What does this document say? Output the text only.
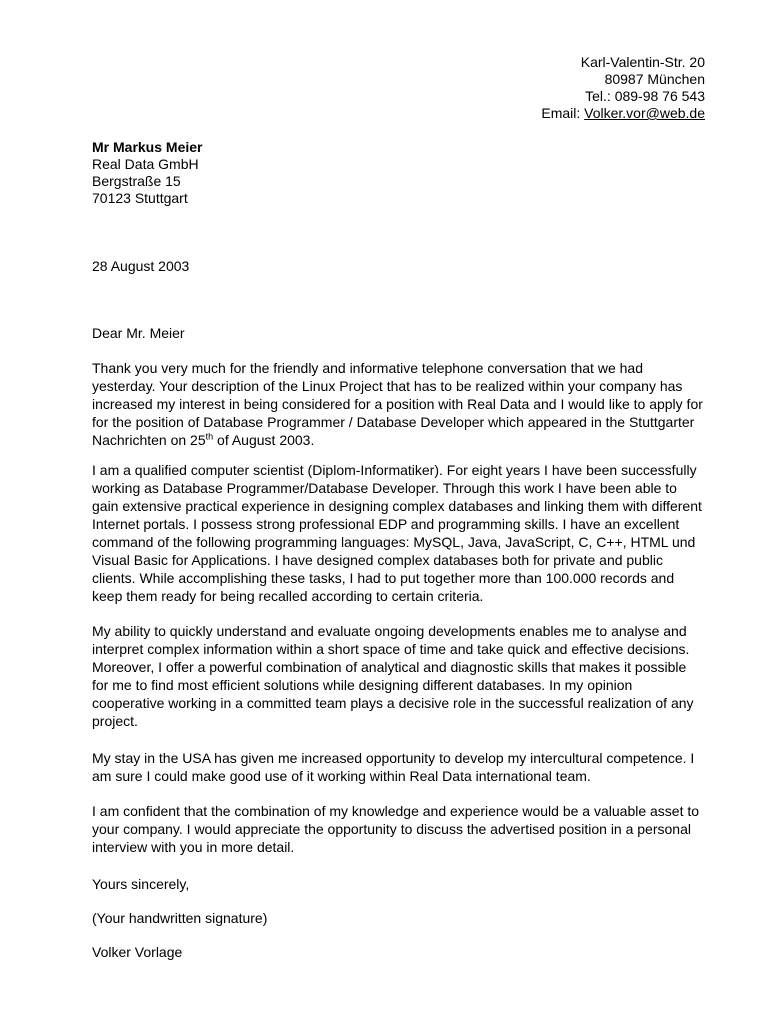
Karl-Valentin-Str. 20
80987 München
Tel.: 089-98 76 543
Email: Volker.vor@web.de
Mr Markus Meier
Real Data GmbH
Bergstraße 15
70123 Stuttgart
28 August 2003
Dear Mr. Meier
Thank you very much for the friendly and informative telephone conversation that we had
yesterday. Your description of the Linux Project that has to be realized within your company has
increased my interest in being considered for a position with Real Data and I would like to apply for
for the position of Database Programmer / Database Developer which appeared in the Stuttgarter
Nachrichten on 25th of August 2003.
I am a qualified computer scientist (Diplom-Informatiker). For eight years I have been successfully
working as Database Programmer/Database Developer. Through this work I have been able to
gain extensive practical experience in designing complex databases and linking them with different
Internet portals. I possess strong professional EDP and programming skills. I have an excellent
command of the following programming languages: MySQL, Java, JavaScript, C, C++, HTML und
Visual Basic for Applications. I have designed complex databases both for private and public
clients. While accomplishing these tasks, I had to put together more than 100.000 records and
keep them ready for being recalled according to certain criteria.
My ability to quickly understand and evaluate ongoing developments enables me to analyse and
interpret complex information within a short space of time and take quick and effective decisions.
Moreover, I offer a powerful combination of analytical and diagnostic skills that makes it possible
for me to find most efficient solutions while designing different databases. In my opinion
cooperative working in a committed team plays a decisive role in the successful realization of any
project.
My stay in the USA has given me increased opportunity to develop my intercultural competence. I
am sure I could make good use of it working within Real Data international team.
I am confident that the combination of my knowledge and experience would be a valuable asset to
your company. I would appreciate the opportunity to discuss the advertised position in a personal
interview with you in more detail.
Yours sincerely,
(Your handwritten signature)
Volker Vorlage
